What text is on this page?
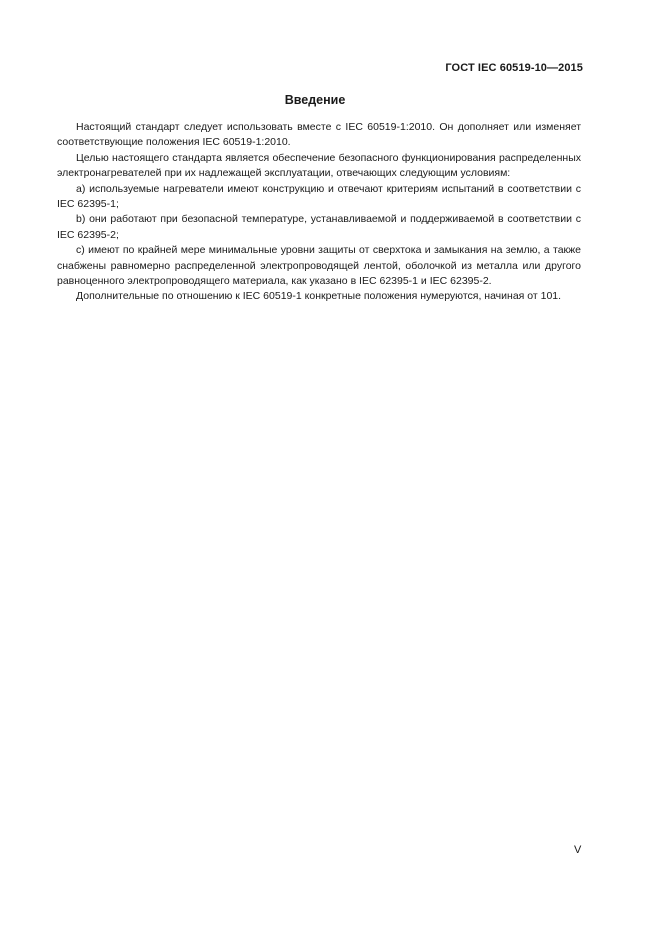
ГОСТ IEC 60519-10—2015
Введение

Настоящий стандарт следует использовать вместе с IEC 60519-1:2010. Он дополняет или изменяет соответствующие положения IEC 60519-1:2010.

Целью настоящего стандарта является обеспечение безопасного функционирования распределенных электронагревателей при их надлежащей эксплуатации, отвечающих следующим условиям:

а) используемые нагреватели имеют конструкцию и отвечают критериям испытаний в соответствии с IEC 62395-1;

b) они работают при безопасной температуре, устанавливаемой и поддерживаемой в соответствии с IEC 62395-2;

c) имеют по крайней мере минимальные уровни защиты от сверхтока и замыкания на землю, а также снабжены равномерно распределенной электропроводящей лентой, оболочкой из металла или другого равноценного электропроводящего материала, как указано в IEC 62395-1 и IEC 62395-2.

Дополнительные по отношению к IEC 60519-1 конкретные положения нумеруются, начиная от 101.

V
